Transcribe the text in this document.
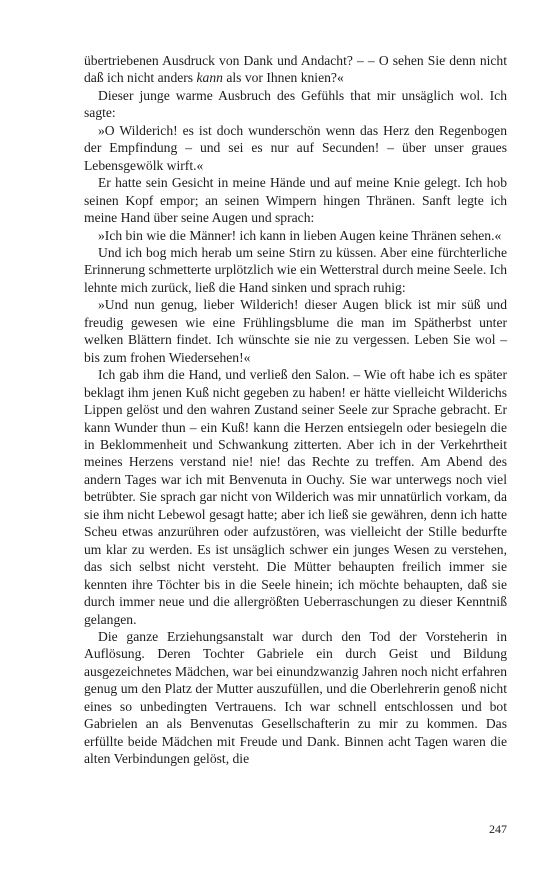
übertriebenen Ausdruck von Dank und Andacht? – – O sehen Sie denn nicht daß ich nicht anders kann als vor Ihnen knien?«

Dieser junge warme Ausbruch des Gefühls that mir unsäglich wol. Ich sagte:

»O Wilderich! es ist doch wunderschön wenn das Herz den Regenbogen der Empfindung – und sei es nur auf Secunden! – über unser graues Lebensgewölk wirft.«

Er hatte sein Gesicht in meine Hände und auf meine Knie gelegt. Ich hob seinen Kopf empor; an seinen Wimpern hingen Thränen. Sanft legte ich meine Hand über seine Augen und sprach:

»Ich bin wie die Männer! ich kann in lieben Augen keine Thränen sehen.«

Und ich bog mich herab um seine Stirn zu küssen. Aber eine fürchterliche Erinnerung schmetterte urplötzlich wie ein Wetterstral durch meine Seele. Ich lehnte mich zurück, ließ die Hand sinken und sprach ruhig:

»Und nun genug, lieber Wilderich! dieser Augen blick ist mir süß und freudig gewesen wie eine Frühlingsblume die man im Spätherbst unter welken Blättern findet. Ich wünschte sie nie zu vergessen. Leben Sie wol – bis zum frohen Wiedersehen!«

Ich gab ihm die Hand, und verließ den Salon. – Wie oft habe ich es später beklagt ihm jenen Kuß nicht gegeben zu haben! er hätte vielleicht Wilderichs Lippen gelöst und den wahren Zustand seiner Seele zur Sprache gebracht. Er kann Wunder thun – ein Kuß! kann die Herzen entsiegeln oder besiegeln die in Beklommenheit und Schwankung zitterten. Aber ich in der Verkehrtheit meines Herzens verstand nie! nie! das Rechte zu treffen. Am Abend des andern Tages war ich mit Benvenuta in Ouchy. Sie war unterwegs noch viel betrübter. Sie sprach gar nicht von Wilderich was mir unnatürlich vorkam, da sie ihm nicht Lebewol gesagt hatte; aber ich ließ sie gewähren, denn ich hatte Scheu etwas anzurühren oder aufzustören, was vielleicht der Stille bedurfte um klar zu werden. Es ist unsäglich schwer ein junges Wesen zu verstehen, das sich selbst nicht versteht. Die Mütter behaupten freilich immer sie kennten ihre Töchter bis in die Seele hinein; ich möchte behaupten, daß sie durch immer neue und die allergrößten Ueberraschungen zu dieser Kenntniß gelangen.

Die ganze Erziehungsanstalt war durch den Tod der Vorsteherin in Auflösung. Deren Tochter Gabriele ein durch Geist und Bildung ausgezeichnetes Mädchen, war bei einundzwanzig Jahren noch nicht erfahren genug um den Platz der Mutter auszufüllen, und die Oberlehrerin genoß nicht eines so unbedingten Vertrauens. Ich war schnell entschlossen und bot Gabrielen an als Benvenutas Gesellschafterin zu mir zu kommen. Das erfüllte beide Mädchen mit Freude und Dank. Binnen acht Tagen waren die alten Verbindungen gelöst, die

247
